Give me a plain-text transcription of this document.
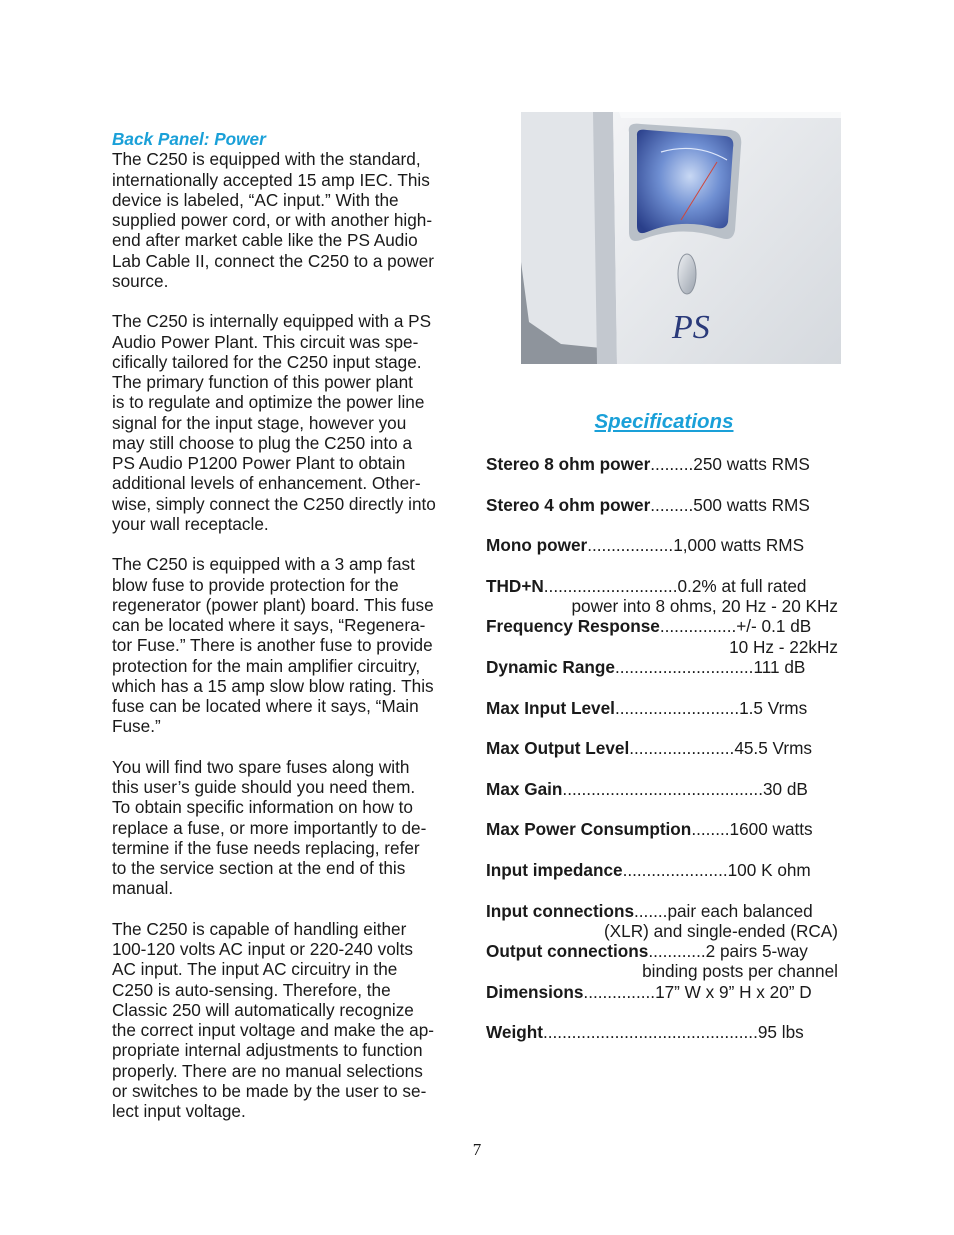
Back Panel: Power

The C250 is equipped with the standard,
internationally accepted 15 amp IEC. This
device is labeled, “AC input.” With the
supplied power cord, or with another high-
end after market cable like the PS Audio
Lab Cable II, connect the C250 to a power
source.
The C250 is internally equipped with a PS
Audio Power Plant. This circuit was spe-
cifically tailored for the C250 input stage.
The primary function of this power plant
is to regulate and optimize the power line
signal for the input stage, however you
may still choose to plug the C250 into a
PS Audio P1200 Power Plant to obtain
additional levels of enhancement. Other-
wise, simply connect the C250 directly into
your wall receptacle.
The C250 is equipped with a 3 amp fast
blow fuse to provide protection for the
regenerator (power plant) board. This fuse
can be located where it says, “Regenera-
tor Fuse.” There is another fuse to provide
protection for the main amplifier circuitry,
which has a 15 amp slow blow rating. This
fuse can be located where it says, “Main
Fuse.”
You will find two spare fuses along with
this user’s guide should you need them.
To obtain specific information on how to
replace a fuse, or more importantly to de-
termine if the fuse needs replacing, refer
to the service section at the end of this
manual.
The C250 is capable of handling either
100-120 volts AC input or 220-240 volts
AC input. The input AC circuitry in the
C250 is auto-sensing. Therefore, the
Classic 250 will automatically recognize
the correct input voltage and make the ap-
propriate internal adjustments to function
properly. There are no manual selections
or switches to be made by the user to se-
lect input voltage.
PS

Specifications

Stereo 8 ohm power.........250 watts RMS
Stereo 4 ohm power.........500 watts RMS
Mono power..................1,000 watts RMS
THD+N............................0.2% at full rated
power into 8 ohms, 20 Hz - 20 KHz
Frequency Response................+/- 0.1 dB
10 Hz - 22kHz
Dynamic Range.............................111 dB
Max Input Level..........................1.5 Vrms
Max Output Level......................45.5 Vrms
Max Gain..........................................30 dB
Max Power Consumption........1600 watts
Input impedance......................100 K ohm
Input connections.......pair each balanced
(XLR) and single-ended (RCA)
Output connections............2 pairs 5-way
binding posts per channel
Dimensions...............17” W x 9” H x 20” D
Weight.............................................95 lbs
7
